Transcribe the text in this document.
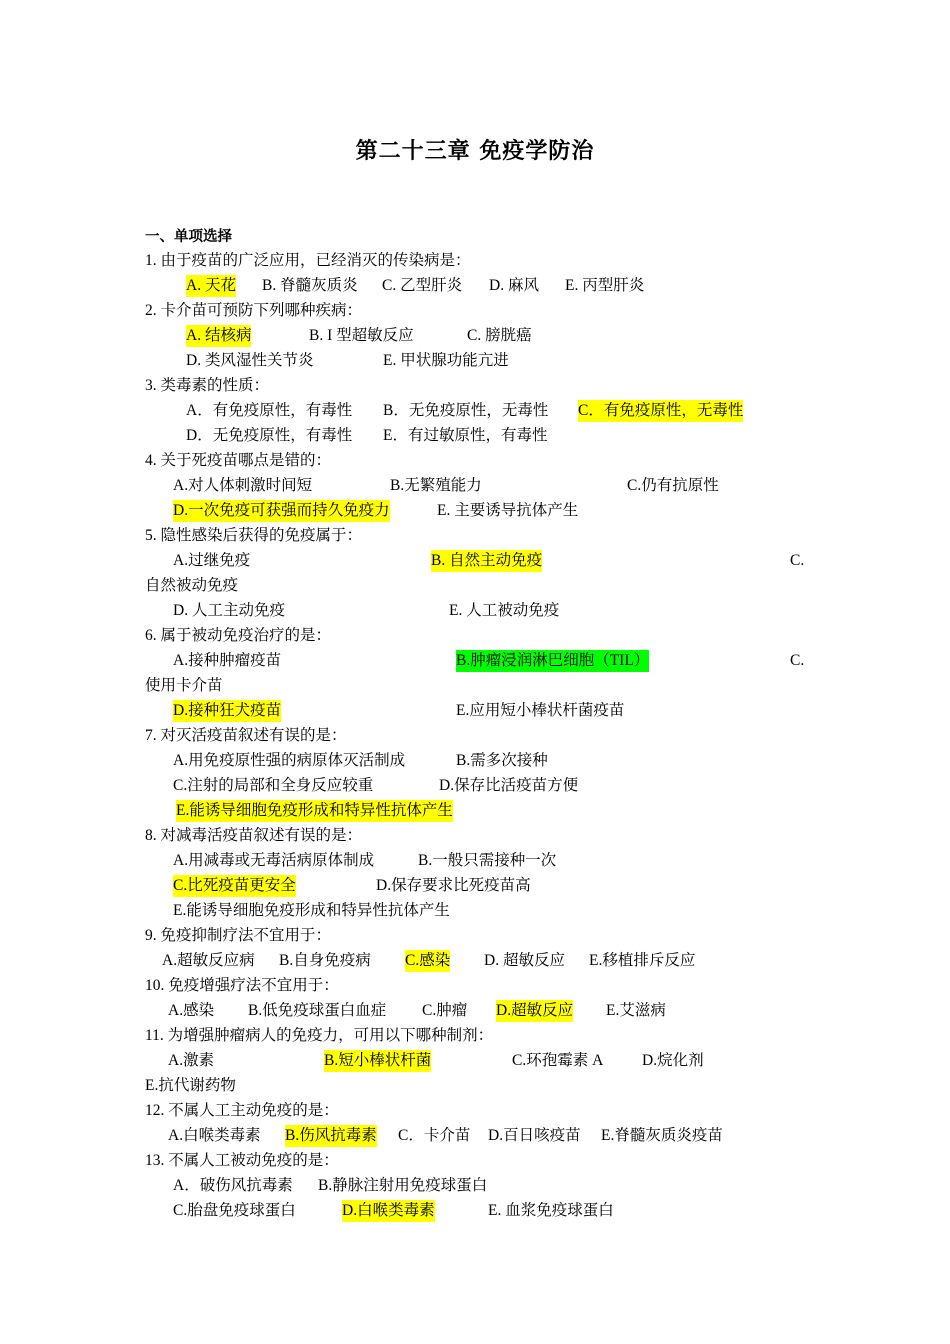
第二十三章 免疫学防治
一、单项选择
1. 由于疫苗的广泛应用，已经消灭的传染病是：
A. 天花 B. 脊髓灰质炎 C. 乙型肝炎 D. 麻风 E. 丙型肝炎
2. 卡介苗可预防下列哪种疾病：
A. 结核病	B. I 型超敏反应	C. 膀胱癌
D. 类风湿性关节炎	E. 甲状腺功能亢进
3. 类毒素的性质：
A．有免疫原性，有毒性 B．无免疫原性，无毒性 C．有免疫原性，无毒性
D．无免疫原性，有毒性 E．有过敏原性，有毒性
4. 关于死疫苗哪点是错的：
A.对人体刺激时间短	B.无繁殖能力	C.仍有抗原性
D.一次免疫可获强而持久免疫力	E. 主要诱导抗体产生
5. 隐性感染后获得的免疫属于：
A.过继免疫	B. 自然主动免疫	C.
自然被动免疫
D. 人工主动免疫	E. 人工被动免疫
6. 属于被动免疫治疗的是：
A.接种肿瘤疫苗	B.肿瘤浸润淋巴细胞（TIL）	C.
使用卡介苗
D.接种狂犬疫苗	E.应用短小棒状杆菌疫苗
7. 对灭活疫苗叙述有误的是：
A.用免疫原性强的病原体灭活制成	B.需多次接种
C.注射的局部和全身反应较重	D.保存比活疫苗方便
E.能诱导细胞免疫形成和特异性抗体产生
8. 对减毒活疫苗叙述有误的是：
A.用减毒或无毒活病原体制成	B.一般只需接种一次
C.比死疫苗更安全	D.保存要求比死疫苗高
E.能诱导细胞免疫形成和特异性抗体产生
9. 免疫抑制疗法不宜用于：
A.超敏反应病 B.自身免疫病 C.感染 D. 超敏反应 E.移植排斥反应
10. 免疫增强疗法不宜用于：
A.感染 B.低免疫球蛋白血症 C.肿瘤 D.超敏反应 E.艾滋病
11. 为增强肿瘤病人的免疫力，可用以下哪种制剂：
A.激素	B.短小棒状杆菌	C.环孢霉素 A D.烷化剂
E.抗代谢药物
12. 不属人工主动免疫的是：
A.白喉类毒素 B.伤风抗毒素 C．卡介苗 D.百日咳疫苗 E.脊髓灰质炎疫苗
13. 不属人工被动免疫的是：
A．破伤风抗毒素 B.静脉注射用免疫球蛋白
C.胎盘免疫球蛋白	D.白喉类毒素	E. 血浆免疫球蛋白
